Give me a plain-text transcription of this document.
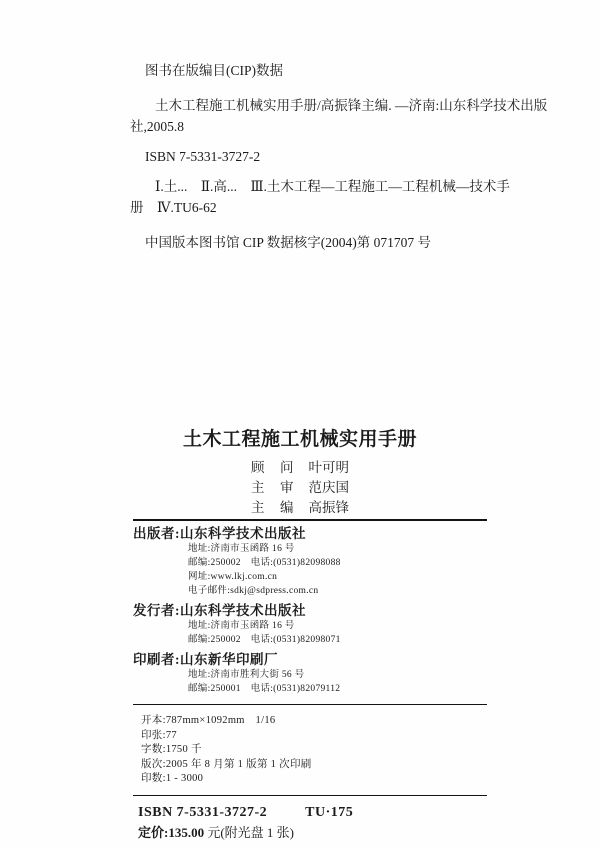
图书在版编目(CIP)数据
土木工程施工机械实用手册/高振锋主编. —济南:山东科学技术出版
社,2005.8
ISBN 7-5331-3727-2
Ⅰ.土...　Ⅱ.高...　Ⅲ.土木工程—工程施工—工程机械—技术手
册　Ⅳ.TU6-62
中国版本图书馆 CIP 数据核字(2004)第 071707 号
土木工程施工机械实用手册
顾　问 叶可明
主　审 范庆国
主　编 高振锋
出版者:山东科学技术出版社
地址:济南市玉函路 16 号
邮编:250002　电话:(0531)82098088
网址:www.lkj.com.cn
电子邮件:sdkj@sdpress.com.cn
发行者:山东科学技术出版社
地址:济南市玉函路 16 号
邮编:250002　电话:(0531)82098071
印刷者:山东新华印刷厂
地址:济南市胜利大街 56 号
邮编:250001　电话:(0531)82079112
开本:787mm×1092mm　1/16
印张:77
字数:1750 千
版次:2005 年 8 月第 1 版第 1 次印刷
印数:1 - 3000
ISBN 7-5331-3727-2	TU·175
定价:135.00 元(附光盘 1 张)
